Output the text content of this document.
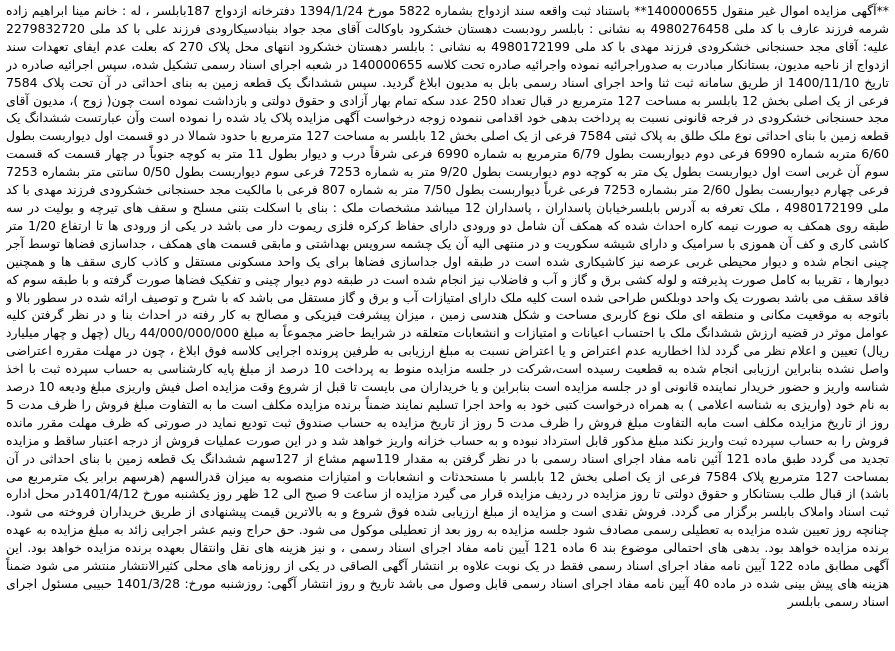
**آگهی مزایده اموال غیر منقول 140000655** باستناد ثبت واقعه سند ازدواج بشماره 5822 مورخ 1394/1/24 دفترخانه ازدواج 187بابلسر ، له : خانم مینا ابراهیم زاده شرمه فرزند عارف با کد ملی 4980276458 به نشانی : بابلسر رودبست دهستان خشکرود باوکالت آقای مجد جواد بنیادسیکارودی فرزند علی با کد ملی 2279832720 علیه: آقای مجد حسنجانی خشکرودی فرزند مهدی با کد ملی 4980172199 به نشانی : بابلسر دهستان خشکرود انتهای محل پلاک 270 که بعلت عدم ایفای تعهدات سند ازدواج از ناحیه مدیون، بستانکار مبادرت به صدوراجرائیه نموده واجرائیه صادره تحت کلاسه 140000655 در شعبه اجرای اسناد رسمی تشکیل شده، سپس اجرائیه صادره در تاریخ 1400/11/10 از طریق سامانه ثبت ثنا واحد اجرای اسناد رسمی بابل به مدیون ابلاغ گردید. سپس ششدانگ یک قطعه زمین به بنای احداثی در آن تحت پلاک 7584 فرعی از یک اصلی بخش 12 بابلسر به مساحت 127 مترمربع در قبال تعداد 250 عدد سکه تمام بهار آزادی و حقوق دولتی و بازداشت نموده است چون( زوج )، مدیون آقای مجد حسنجانی خشکرودی در فرجه قانونی نسبت به پرداخت بدهی خود اقدامی ننموده زوجه درخواست آگهی مزایده پلاک یاد شده را نموده است وآن عبارتست ششدانگ یک قطعه زمین با بنای احداثی نوع ملک طلق به پلاک ثبتی 7584 فرعی از یک اصلی بخش 12 بابلسر به مساحت 127 مترمربع با حدود شمالا در دو قسمت اول دیواربست بطول 6/60 متربه شماره 6990 فرعی دوم دیواربست بطول 6/79 مترمربع به شماره 6990 فرعی شرقاً درب و دیوار بطول 11 متر به کوچه جنوباً در چهار قسمت که قسمت سوم آن غربی است اول دیواربست بطول یک متر به کوچه دوم دیواربست بطول 9/20 متر به شماره 7253 فرعی سوم دیواربست بطول 0/50 سانتی متر بشماره 7253 فرعی چهارم دیواربست بطول 2/60 متر بشماره 7253 فرعی غرباً دیواربست بطول 7/50 متر به شماره 807 فرعی با مالکیت مجد حسنجانی خشکرودی فرزند مهدی با کد ملی 4980172199 ، ملک تعرفه به آدرس بابلسرخیابان پاسداران ، پاسداران 12 میباشد مشخصات ملک : بنای با اسکلت بتنی مسلح و سقف های تیرچه و بولیت در سه طبقه روی همکف به صورت نیمه کاره احداث شده که همکف آن شامل دو ورودی دارای حفاظ کرکره فلزی ریموت دار می باشد در یکی از ورودی ها تا ارتفاع 1/20 متر کاشی کاری و کف آن هموزی با سرامیک و دارای شیشه سکوریت و در منتهی الیه آن یک چشمه سرویس بهداشتی و مابقی قسمت های همکف ، جداسازی فضاها توسط آجر چینی انجام شده و دیوار محیطی غربی عرصه نیز کاشیکاری شده است در طبقه اول جداسازی فضاها برای یک واحد مسکونی مستقل و کاذب کاری سقف ها و همچنین دیوارها ، تقریبا به کامل صورت پذیرفته و لوله کشی برق و گاز و آب و فاضلاب نیز انجام شده است در طبقه دوم دیوار چینی و تفکیک فضاها صورت گرفته و با طبقه سوم که فاقد سقف می باشد بصورت یک واحد دوبلکس طراحی شده است کلیه ملک دارای امتیازات آب و برق و گاز مستقل می باشد که با شرح و توصیف ارائه شده در سطور بالا و باتوجه به موقعیت مکانی و منطقه ای ملک نوع کاربری مساحت و شکل هندسی زمین ، میزان پیشرفت فیزیکی و مصالح به کار رفته در احداث بنا و در نظر گرفتن کلیه عوامل موثر در قضیه ارزش ششدانگ ملک با احتساب اعیانات و امتیازات و انشعابات متعلقه در شرایط حاضر مجموعاً به مبلغ 44/000/000/000 ریال (چهل و چهار میلیارد ریال) تعیین و اعلام نظر می گردد لذا اخطاریه عدم اعتراض و یا اعتراض نسبت به مبلغ ارزیابی به طرفین پرونده اجرایی کلاسه فوق ابلاغ ، چون در مهلت مقرره اعتراضی واصل نشده بنابراین ارزیابی انجام شده به قطعیت رسیده است،شرکت در جلسه مزایده منوط به پرداخت 10 درصد از مبلغ پایه کارشناسی به حساب سپرده ثبت با اخذ شناسه واریز و حضور خریدار نماینده قانونی او در جلسه مزایده است بنابراین و یا خریداران می بایست تا قبل از شروع وقت مزایده اصل فیش واریزی مبلغ ودیعه 10 درصد به نام خود (واریزی به شناسه اعلامی ) به همراه درخواست کتبی خود به واحد اجرا تسلیم نمایند ضمناً برنده مزایده مکلف است ما به التفاوت مبلغ فروش را ظرف مدت 5 روز از تاریخ مزایده مکلف است مابه التفاوت مبلغ فروش را ظرف مدت 5 روز از تاریخ مزایده به حساب صندوق ثبت تودیع نماید در صورتی که ظرف مهلت مقرر مانده فروش را به حساب سپرده ثبت واریز نکند مبلغ مذکور قابل استرداد نبوده و به حساب خزانه واریز خواهد شد و در این صورت عملیات فروش از درجه اعتبار ساقط و مزایده تجدید می گردد طبق ماده 121 آئین نامه مفاد اجرای اسناد رسمی با در نظر گرفتن به مقدار 119سهم مشاع از 127سهم ششدانگ یک قطعه زمین با بنای احداثی در آن بمساحت 127 مترمربع پلاک 7584 فرعی از یک اصلی بخش 12 بابلسر با مستحدثات و انشعابات و امتیازات منصوبه به میزان قدرالسهم (هرسهم برابر یک مترمربع می باشد) از قبال طلب بستانکار و حقوق دولتی تا روز مزایده در ردیف مزایده قرار می گیرد مزایده از ساعت 9 صبح الی 12 ظهر روز یکشنبه مورخ 1401/4/12در محل اداره ثبت اسناد واملاک بابلسر برگزار می گردد. فروش نقدی است و مزایده از مبلغ ارزیابی شده فوق شروع و به بالاترین قیمت پیشنهادی از طریق خریداران فروخته می شود. چنانچه روز تعیین شده مزایده به تعطیلی رسمی مصادف شود جلسه مزایده به روز بعد از تعطیلی موکول می شود. حق حراج ونیم عشر اجرایی زائد به مبلغ مزایده به عهده برنده مزایده خواهد بود. بدهی های احتمالی موضوع بند 6 ماده 121 آیین نامه مفاد اجرای اسناد رسمی ، و نیز هزینه های نقل وانتقال بعهده برنده مزایده خواهد بود. این آگهی مطابق ماده 122 آیین نامه مفاد اجرای اسناد رسمی فقط در یک نوبت علاوه بر انتشار آگهی الصاقی در یکی از روزنامه های محلی کثیرالانتشار منتشر می شود ضمناً هزینه های پیش بینی شده در ماده 40 آیین نامه مفاد اجرای اسناد رسمی قابل وصول می باشد تاریخ و روز انتشار آگهی: روزشنبه مورخ: 1401/3/28 حبیبی مسئول اجرای اسناد رسمی بابلسر
